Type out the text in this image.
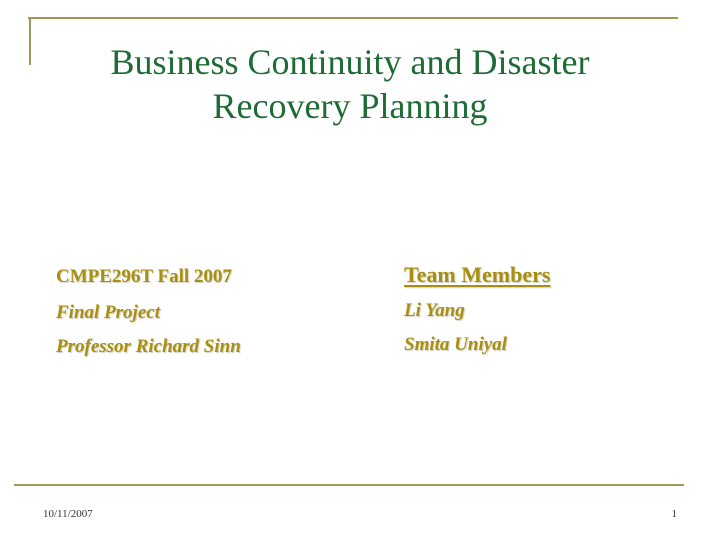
Business Continuity and Disaster
Recovery Planning
CMPE296T Fall 2007
Final Project
Professor Richard Sinn
Team Members
Li Yang
Smita Uniyal
10/11/2007	1
